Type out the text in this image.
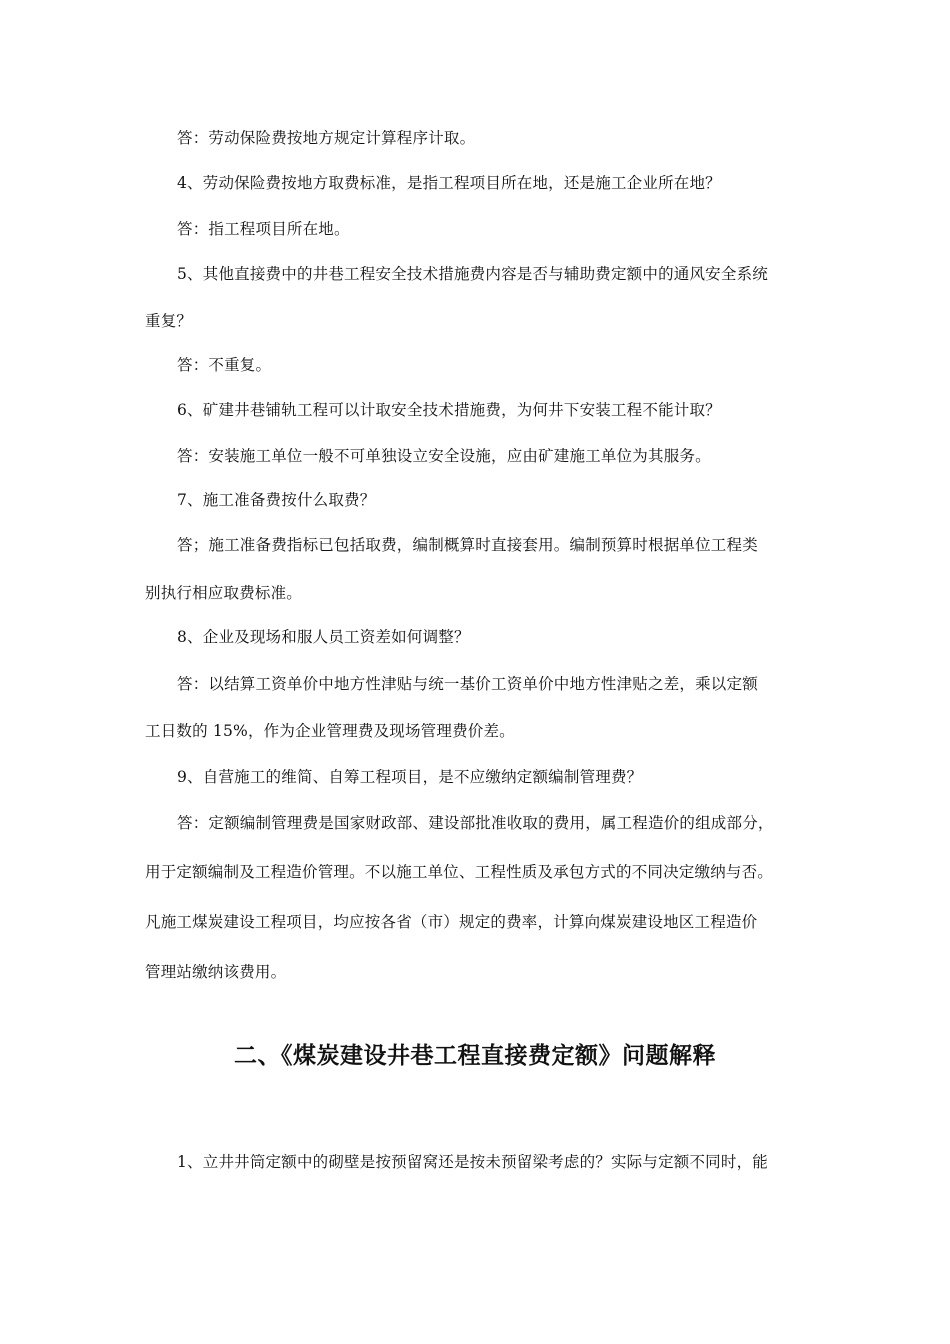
答：劳动保险费按地方规定计算程序计取。
4、劳动保险费按地方取费标准，是指工程项目所在地，还是施工企业所在地？
答：指工程项目所在地。
5、其他直接费中的井巷工程安全技术措施费内容是否与辅助费定额中的通风安全系统
重复？
答：不重复。
6、矿建井巷铺轨工程可以计取安全技术措施费，为何井下安装工程不能计取？
答：安装施工单位一般不可单独设立安全设施，应由矿建施工单位为其服务。
7、施工准备费按什么取费？
答；施工准备费指标已包括取费，编制概算时直接套用。编制预算时根据单位工程类
别执行相应取费标准。
8、企业及现场和服人员工资差如何调整？
答：以结算工资单价中地方性津贴与统一基价工资单价中地方性津贴之差，乘以定额
工日数的 15%，作为企业管理费及现场管理费价差。
9、自营施工的维简、自筹工程项目，是不应缴纳定额编制管理费？
答：定额编制管理费是国家财政部、建设部批准收取的费用，属工程造价的组成部分，
用于定额编制及工程造价管理。不以施工单位、工程性质及承包方式的不同决定缴纳与否。
凡施工煤炭建设工程项目，均应按各省（市）规定的费率，计算向煤炭建设地区工程造价
管理站缴纳该费用。
二、《煤炭建设井巷工程直接费定额》问题解释
1、立井井筒定额中的砌壁是按预留窝还是按未预留梁考虑的？实际与定额不同时，能
